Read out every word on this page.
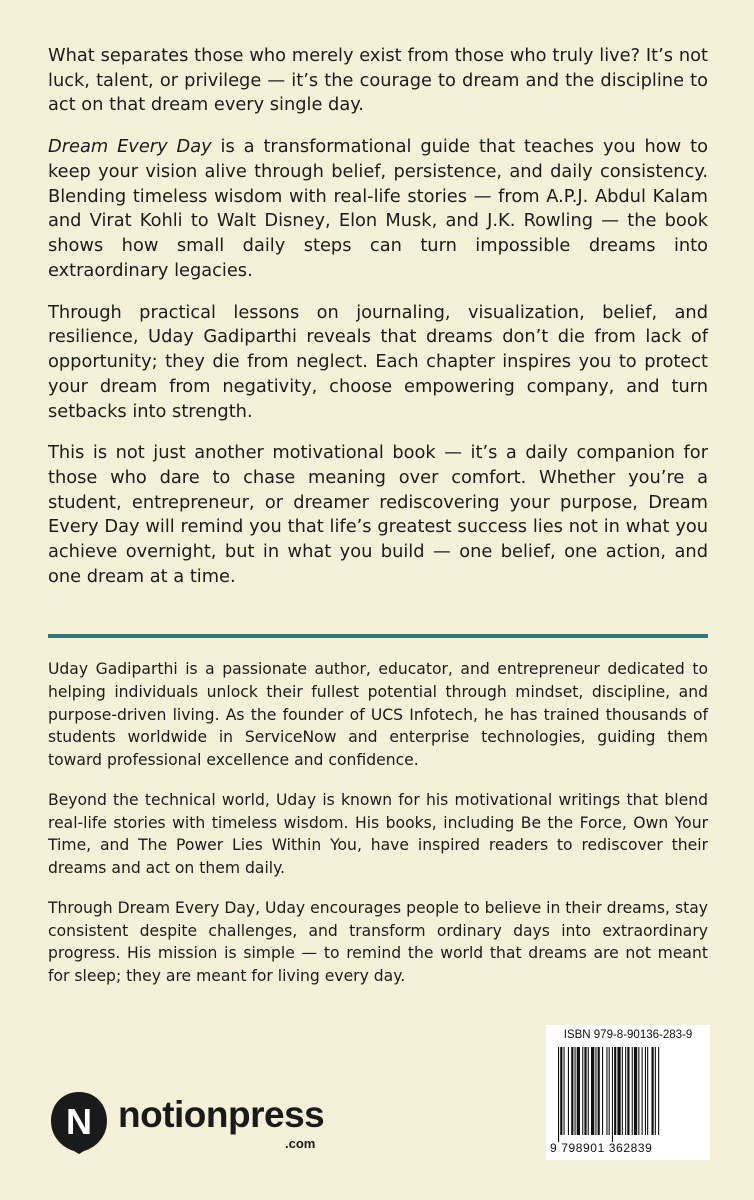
What separates those who merely exist from those who truly live? It’s not luck, talent, or privilege — it’s the courage to dream and the discipline to act on that dream every single day.

Dream Every Day is a transformational guide that teaches you how to keep your vision alive through belief, persistence, and daily consistency. Blending timeless wisdom with real-life stories — from A.P.J. Abdul Kalam and Virat Kohli to Walt Disney, Elon Musk, and J.K. Rowling — the book shows how small daily steps can turn impossible dreams into extraordinary legacies.

Through practical lessons on journaling, visualization, belief, and resilience, Uday Gadiparthi reveals that dreams don’t die from lack of opportunity; they die from neglect. Each chapter inspires you to protect your dream from negativity, choose empowering company, and turn setbacks into strength.

This is not just another motivational book — it’s a daily companion for those who dare to chase meaning over comfort. Whether you’re a student, entrepreneur, or dreamer rediscovering your purpose, Dream Every Day will remind you that life’s greatest success lies not in what you achieve overnight, but in what you build — one belief, one action, and one dream at a time.

Uday Gadiparthi is a passionate author, educator, and entrepreneur dedicated to helping individuals unlock their fullest potential through mindset, discipline, and purpose-driven living. As the founder of UCS Infotech, he has trained thousands of students worldwide in ServiceNow and enterprise technologies, guiding them toward professional excellence and confidence.

Beyond the technical world, Uday is known for his motivational writings that blend real-life stories with timeless wisdom. His books, including Be the Force, Own Your Time, and The Power Lies Within You, have inspired readers to rediscover their dreams and act on them daily.

Through Dream Every Day, Uday encourages people to believe in their dreams, stay consistent despite challenges, and transform ordinary days into extraordinary progress. His mission is simple — to remind the world that dreams are not meant for sleep; they are meant for living every day.

ISBN 979-8-90136-283-9
9 798901 362839
N notionpress
.com
